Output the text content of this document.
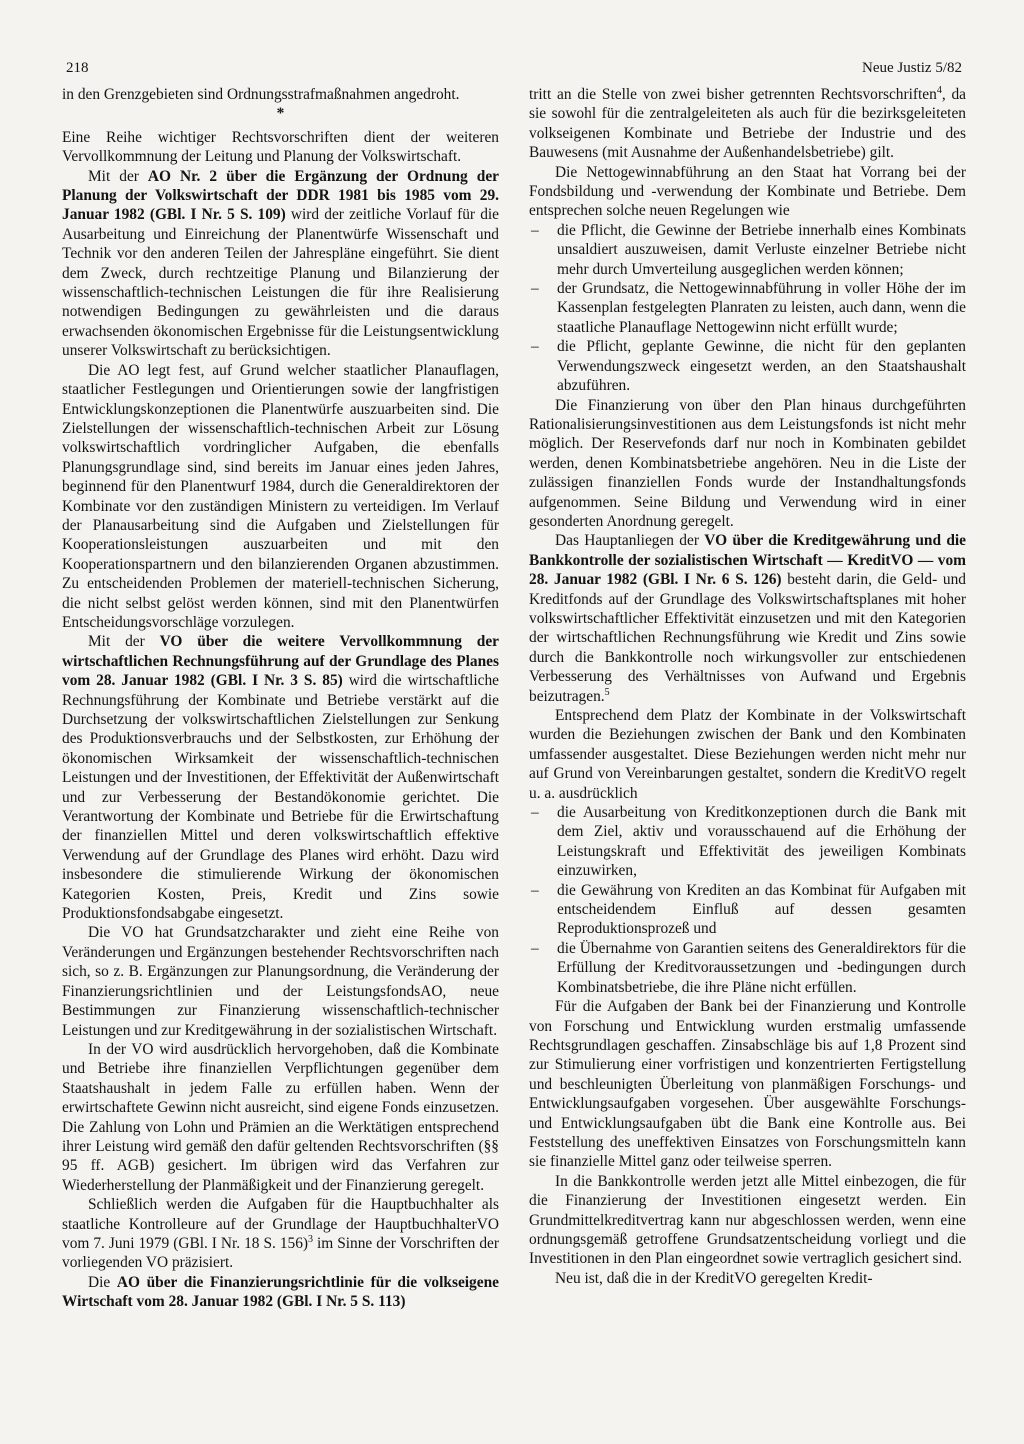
218	Neue Justiz 5/82

in den Grenzgebieten sind Ordnungsstrafmaßnahmen angedroht.

*

Eine Reihe wichtiger Rechtsvorschriften dient der weiteren Vervollkommnung der Leitung und Planung der Volkswirtschaft.

Mit der AO Nr. 2 über die Ergänzung der Ordnung der Planung der Volkswirtschaft der DDR 1981 bis 1985 vom 29. Januar 1982 (GBl. I Nr. 5 S. 109) wird der zeitliche Vorlauf für die Ausarbeitung und Einreichung der Planentwürfe Wissenschaft und Technik vor den anderen Teilen der Jahrespläne eingeführt. Sie dient dem Zweck, durch rechtzeitige Planung und Bilanzierung der wissenschaftlich-technischen Leistungen die für ihre Realisierung notwendigen Bedingungen zu gewährleisten und die daraus erwachsenden ökonomischen Ergebnisse für die Leistungsentwicklung unserer Volkswirtschaft zu berücksichtigen.

Die AO legt fest, auf Grund welcher staatlicher Planauflagen, staatlicher Festlegungen und Orientierungen sowie der langfristigen Entwicklungskonzeptionen die Planentwürfe auszuarbeiten sind. Die Zielstellungen der wissenschaftlich-technischen Arbeit zur Lösung volkswirtschaftlich vordringlicher Aufgaben, die ebenfalls Planungsgrundlage sind, sind bereits im Januar eines jeden Jahres, beginnend für den Planentwurf 1984, durch die Generaldirektoren der Kombinate vor den zuständigen Ministern zu verteidigen. Im Verlauf der Planausarbeitung sind die Aufgaben und Zielstellungen für Kooperationsleistungen auszuarbeiten und mit den Kooperationspartnern und den bilanzierenden Organen abzustimmen. Zu entscheidenden Problemen der materiell-technischen Sicherung, die nicht selbst gelöst werden können, sind mit den Planentwürfen Entscheidungsvorschläge vorzulegen.

Mit der VO über die weitere Vervollkommnung der wirtschaftlichen Rechnungsführung auf der Grundlage des Planes vom 28. Januar 1982 (GBl. I Nr. 3 S. 85) wird die wirtschaftliche Rechnungsführung der Kombinate und Betriebe verstärkt auf die Durchsetzung der volkswirtschaftlichen Zielstellungen zur Senkung des Produktionsverbrauchs und der Selbstkosten, zur Erhöhung der ökonomischen Wirksamkeit der wissenschaftlich-technischen Leistungen und der Investitionen, der Effektivität der Außenwirtschaft und zur Verbesserung der Bestandökonomie gerichtet. Die Verantwortung der Kombinate und Betriebe für die Erwirtschaftung der finanziellen Mittel und deren volkswirtschaftlich effektive Verwendung auf der Grundlage des Planes wird erhöht. Dazu wird insbesondere die stimulierende Wirkung der ökonomischen Kategorien Kosten, Preis, Kredit und Zins sowie Produktionsfondsabgabe eingesetzt.

Die VO hat Grundsatzcharakter und zieht eine Reihe von Veränderungen und Ergänzungen bestehender Rechtsvorschriften nach sich, so z. B. Ergänzungen zur Planungsordnung, die Veränderung der Finanzierungsrichtlinien und der LeistungsfondsAO, neue Bestimmungen zur Finanzierung wissenschaftlich-technischer Leistungen und zur Kreditgewährung in der sozialistischen Wirtschaft.

In der VO wird ausdrücklich hervorgehoben, daß die Kombinate und Betriebe ihre finanziellen Verpflichtungen gegenüber dem Staatshaushalt in jedem Falle zu erfüllen haben. Wenn der erwirtschaftete Gewinn nicht ausreicht, sind eigene Fonds einzusetzen. Die Zahlung von Lohn und Prämien an die Werktätigen entsprechend ihrer Leistung wird gemäß den dafür geltenden Rechtsvorschriften (§§ 95 ff. AGB) gesichert. Im übrigen wird das Verfahren zur Wiederherstellung der Planmäßigkeit und der Finanzierung geregelt.

Schließlich werden die Aufgaben für die Hauptbuchhalter als staatliche Kontrolleure auf der Grundlage der HauptbuchhalterVO vom 7. Juni 1979 (GBl. I Nr. 18 S. 156)$^3$ im Sinne der Vorschriften der vorliegenden VO präzisiert.

Die AO über die Finanzierungsrichtlinie für die volkseigene Wirtschaft vom 28. Januar 1982 (GBl. I Nr. 5 S. 113)

tritt an die Stelle von zwei bisher getrennten Rechtsvorschriften$^4$, da sie sowohl für die zentralgeleiteten als auch für die bezirksgeleiteten volkseigenen Kombinate und Betriebe der Industrie und des Bauwesens (mit Ausnahme der Außenhandelsbetriebe) gilt.

Die Nettogewinnabführung an den Staat hat Vorrang bei der Fondsbildung und -verwendung der Kombinate und Betriebe. Dem entsprechen solche neuen Regelungen wie

– die Pflicht, die Gewinne der Betriebe innerhalb eines Kombinats unsaldiert auszuweisen, damit Verluste einzelner Betriebe nicht mehr durch Umverteilung ausgeglichen werden können;
– der Grundsatz, die Nettogewinnabführung in voller Höhe der im Kassenplan festgelegten Planraten zu leisten, auch dann, wenn die staatliche Planauflage Nettogewinn nicht erfüllt wurde;
– die Pflicht, geplante Gewinne, die nicht für den geplanten Verwendungszweck eingesetzt werden, an den Staatshaushalt abzuführen.

Die Finanzierung von über den Plan hinaus durchgeführten Rationalisierungsinvestitionen aus dem Leistungsfonds ist nicht mehr möglich. Der Reservefonds darf nur noch in Kombinaten gebildet werden, denen Kombinatsbetriebe angehören. Neu in die Liste der zulässigen finanziellen Fonds wurde der Instandhaltungsfonds aufgenommen. Seine Bildung und Verwendung wird in einer gesonderten Anordnung geregelt.

Das Hauptanliegen der VO über die Kreditgewährung und die Bankkontrolle der sozialistischen Wirtschaft — KreditVO — vom 28. Januar 1982 (GBl. I Nr. 6 S. 126) besteht darin, die Geld- und Kreditfonds auf der Grundlage des Volkswirtschaftsplanes mit hoher volkswirtschaftlicher Effektivität einzusetzen und mit den Kategorien der wirtschaftlichen Rechnungsführung wie Kredit und Zins sowie durch die Bankkontrolle noch wirkungsvoller zur entschiedenen Verbesserung des Verhältnisses von Aufwand und Ergebnis beizutragen.$^5$

Entsprechend dem Platz der Kombinate in der Volkswirtschaft wurden die Beziehungen zwischen der Bank und den Kombinaten umfassender ausgestaltet. Diese Beziehungen werden nicht mehr nur auf Grund von Vereinbarungen gestaltet, sondern die KreditVO regelt u. a. ausdrücklich

– die Ausarbeitung von Kreditkonzeptionen durch die Bank mit dem Ziel, aktiv und vorausschauend auf die Erhöhung der Leistungskraft und Effektivität des jeweiligen Kombinats einzuwirken,
– die Gewährung von Krediten an das Kombinat für Aufgaben mit entscheidendem Einfluß auf dessen gesamten Reproduktionsprozeß und
– die Übernahme von Garantien seitens des Generaldirektors für die Erfüllung der Kreditvoraussetzungen und -bedingungen durch Kombinatsbetriebe, die ihre Pläne nicht erfüllen.

Für die Aufgaben der Bank bei der Finanzierung und Kontrolle von Forschung und Entwicklung wurden erstmalig umfassende Rechtsgrundlagen geschaffen. Zinsabschläge bis auf 1,8 Prozent sind zur Stimulierung einer vorfristigen und konzentrierten Fertigstellung und beschleunigten Überleitung von planmäßigen Forschungs- und Entwicklungsaufgaben vorgesehen. Über ausgewählte Forschungs- und Entwicklungsaufgaben übt die Bank eine Kontrolle aus. Bei Feststellung des uneffektiven Einsatzes von Forschungsmitteln kann sie finanzielle Mittel ganz oder teilweise sperren.

In die Bankkontrolle werden jetzt alle Mittel einbezogen, die für die Finanzierung der Investitionen eingesetzt werden. Ein Grundmittelkreditvertrag kann nur abgeschlossen werden, wenn eine ordnungsgemäß getroffene Grundsatzentscheidung vorliegt und die Investitionen in den Plan eingeordnet sowie vertraglich gesichert sind.

Neu ist, daß die in der KreditVO geregelten Kredit-
